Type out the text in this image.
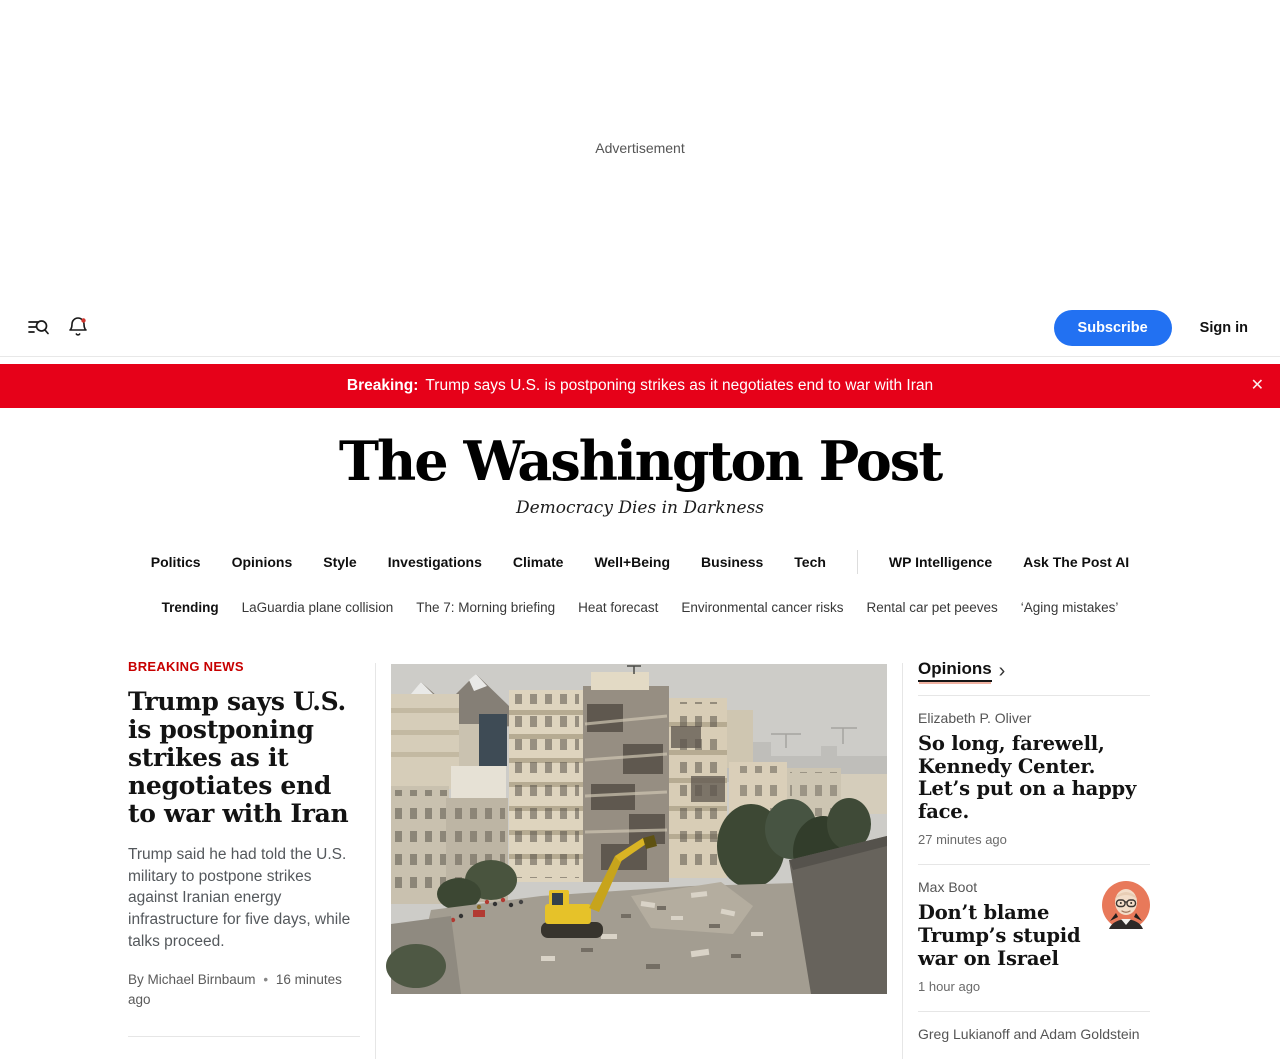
Advertisement
Subscribe	Sign in
Breaking: Trump says U.S. is postponing strikes as it negotiates end to war with Iran	✕
The Washington Post
Democracy Dies in Darkness
Politics Opinions Style Investigations Climate Well+Being Business Tech	WP Intelligence Ask The Post AI
Trending LaGuardia plane collision The 7: Morning briefing Heat forecast Environmental cancer risks Rental car pet peeves ‘Aging mistakes’
BREAKING NEWS
Trump says U.S. is postponing strikes as it negotiates end to war with Iran

Trump said he had told the U.S. military to postpone strikes against Iranian energy infrastructure for five days, while talks proceed.

By Michael Birnbaum • 16 minutes ago
Opinions ›
Elizabeth P. Oliver
So long, farewell, Kennedy Center. Let’s put on a happy face.
27 minutes ago
Max Boot
Don’t blame Trump’s stupid war on Israel
1 hour ago
Greg Lukianoff and Adam Goldstein
